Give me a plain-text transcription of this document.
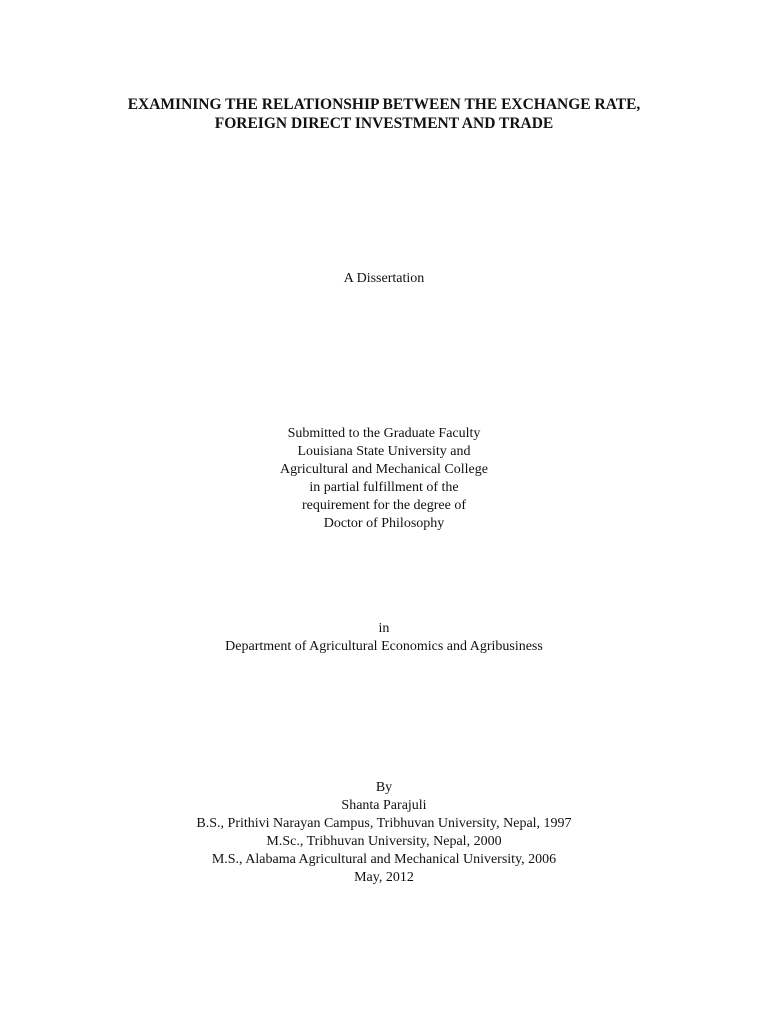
EXAMINING THE RELATIONSHIP BETWEEN THE EXCHANGE RATE,
FOREIGN DIRECT INVESTMENT AND TRADE
A Dissertation
Submitted to the Graduate Faculty
Louisiana State University and
Agricultural and Mechanical College
in partial fulfillment of the
requirement for the degree of
Doctor of Philosophy
in
Department of Agricultural Economics and Agribusiness
By
Shanta Parajuli
B.S., Prithivi Narayan Campus, Tribhuvan University, Nepal, 1997
M.Sc., Tribhuvan University, Nepal, 2000
M.S., Alabama Agricultural and Mechanical University, 2006
May, 2012
